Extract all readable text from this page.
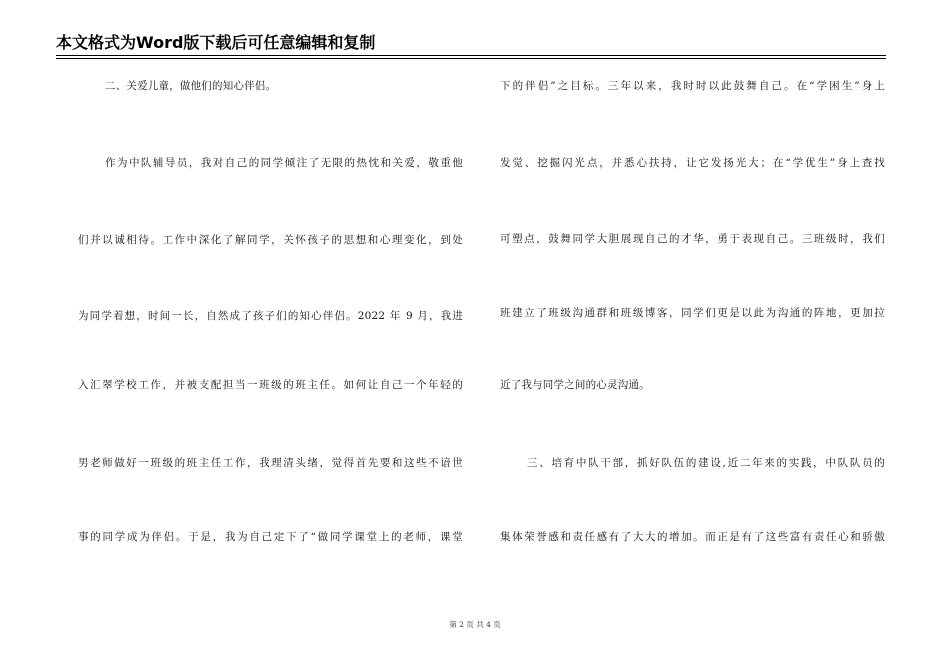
本文格式为Word版下载后可任意编辑和复制
二、关爱儿童，做他们的知心伴侣。
作为中队辅导员，我对自己的同学倾注了无限的热忱和关爱，敬重他
们并以诚相待。工作中深化了解同学，关怀孩子的思想和心理变化，到处
为同学着想，时间一长，自然成了孩子们的知心伴侣。2022 年 9 月，我进
入汇翠学校工作，并被支配担当一班级的班主任。如何让自己一个年轻的
男老师做好一班级的班主任工作，我理清头绪，觉得首先要和这些不谙世
事的同学成为伴侣。于是，我为自己定下了“做同学课堂上的老师，课堂
下的伴侣”之目标。三年以来，我时时以此鼓舞自己。在“学困生”身上
发觉、挖掘闪光点，并悉心扶持，让它发扬光大；在“学优生”身上查找
可塑点，鼓舞同学大胆展现自己的才华，勇于表现自己。三班级时，我们
班建立了班级沟通群和班级博客，同学们更是以此为沟通的阵地，更加拉
近了我与同学之间的心灵沟通。
三、培育中队干部，抓好队伍的建设,近二年来的实践，中队队员的
集体荣誉感和责任感有了大大的增加。而正是有了这些富有责任心和骄傲
第 2 页 共 4 页
